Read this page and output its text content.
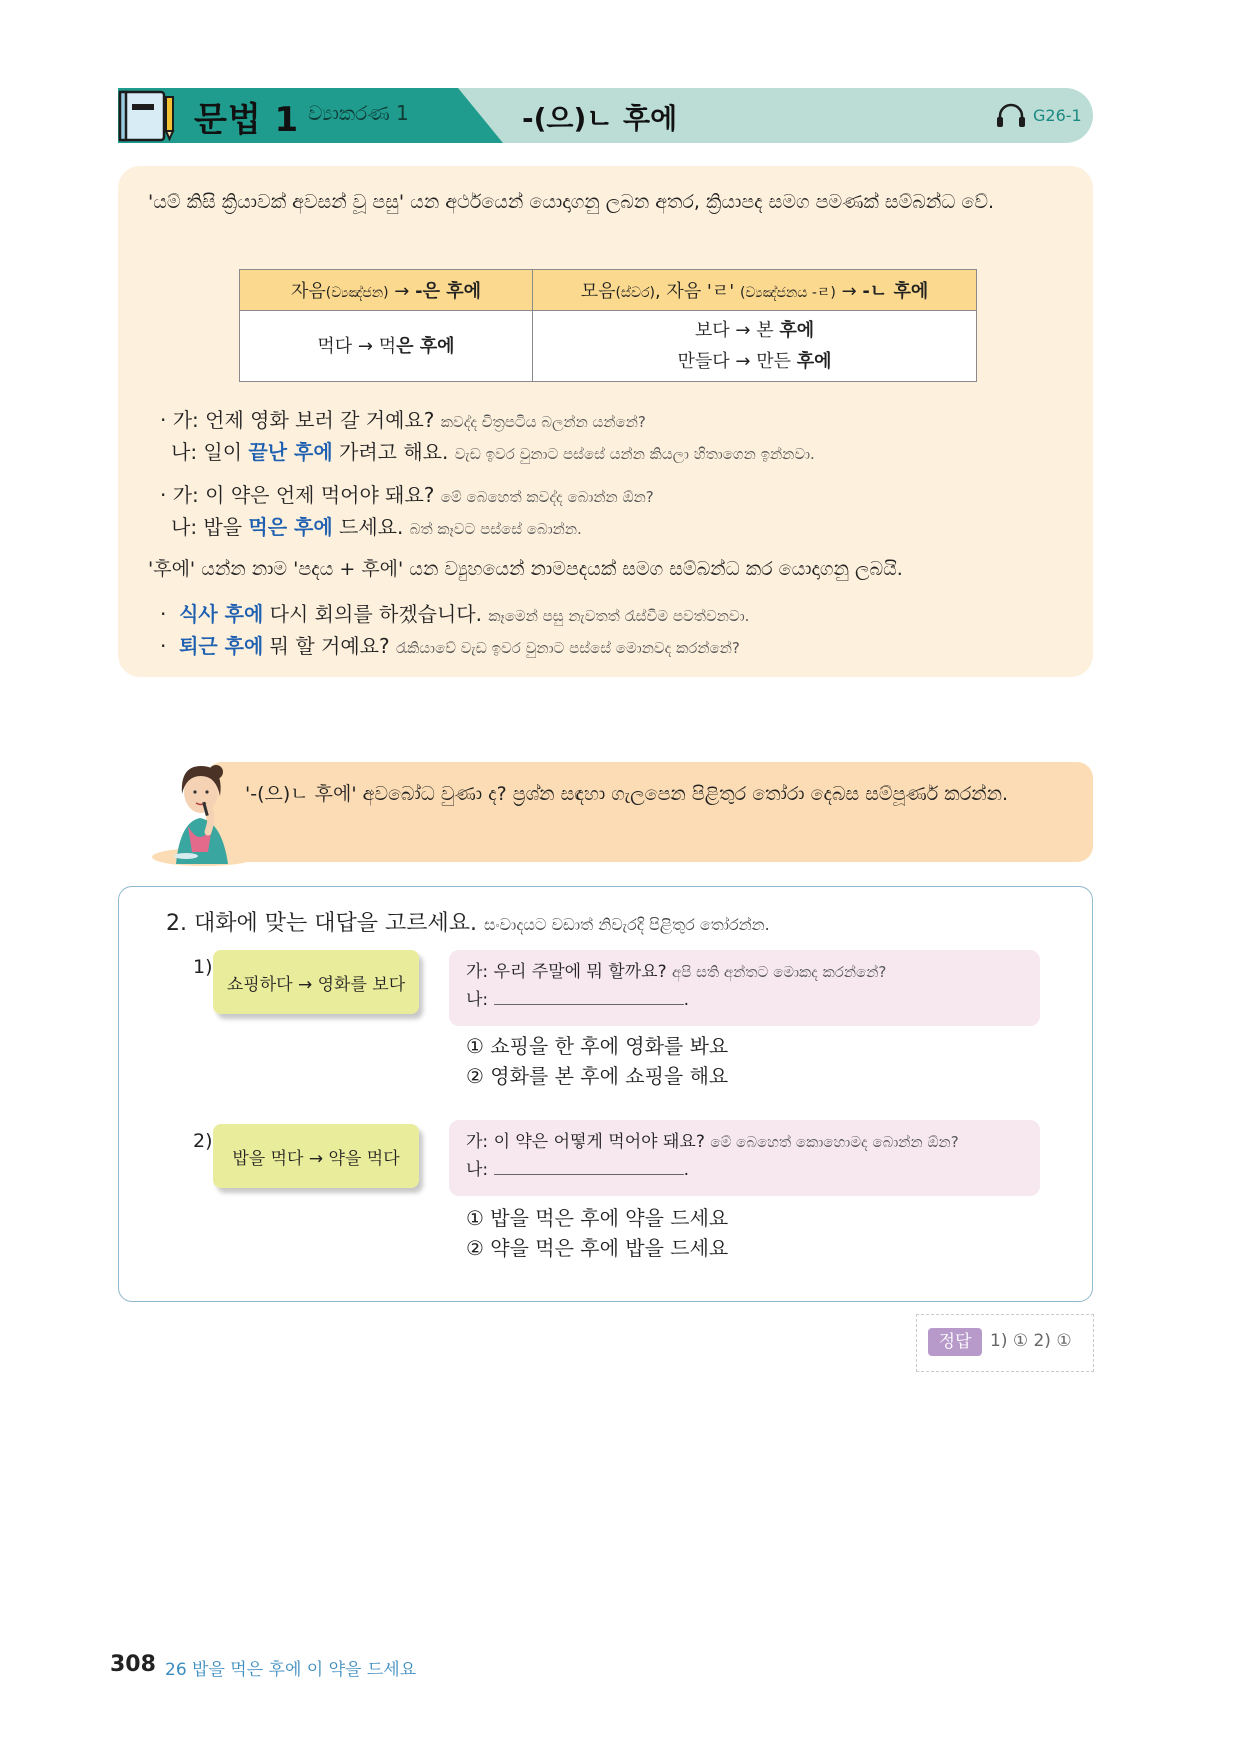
문법 1 ව්‍යාකරණ 1	-(으)ㄴ 후에	G26-1
'යම් කිසි ක්‍රියාවක් අවසන් වූ පසු' යන අර්ථයෙන් යොදාගනු ලබන අතර, ක්‍රියාපද සමග පමණක් සම්බන්ධ වේ.
자음(ව්‍යඤ්ජන) → -은 후에	모음(ස්වර), 자음 'ㄹ' (ව්‍යඤ්ජනය -ㄹ) → -ㄴ 후에
먹다 → 먹은 후에	보다 → 본 후에
만들다 → 만든 후에
· 가: 언제 영화 보러 갈 거예요? කවද්ද චිත්‍රපටිය බලන්න යන්නේ?
나: 일이 끝난 후에 가려고 해요. වැඩ ඉවර වුනාට පස්සේ යන්න කියලා හිතාගෙන ඉන්නවා.
· 가: 이 약은 언제 먹어야 돼요? මේ බෙහෙත් කවද්ද බොන්න ඕන?
나: 밥을 먹은 후에 드세요. බත් කෑවට පස්සේ බොන්න.
'후에' යන්න නාම 'පදය + 후에' යන ව්‍යුහයෙන් නාමපදයක් සමග සම්බන්ධ කර යොදාගනු ලබයි.
·  식사 후에 다시 회의를 하겠습니다. කෑමෙන් පසු නැවතත් රැස්වීම පවත්වනවා.
·  퇴근 후에 뭐 할 거예요? රැකියාවේ වැඩ ඉවර වුනාට පස්සේ මොනවද කරන්නේ?
'-(으)ㄴ 후에' අවබෝධ වුණා ද? ප්‍රශ්න සඳහා ගැලපෙන පිළිතුර තෝරා දෙබස සම්පූර්ණ කරන්න.
2. 대화에 맞는 대답을 고르세요. සංවාදයට වඩාත් නිවැරදි පිළිතුර තෝරන්න.
1)
쇼핑하다 → 영화를 보다
가: 우리 주말에 뭐 할까요? අපි සති අන්තට මොකද කරන්නේ?
나:	.
① 쇼핑을 한 후에 영화를 봐요
② 영화를 본 후에 쇼핑을 해요
2)
밥을 먹다 → 약을 먹다
가: 이 약은 어떻게 먹어야 돼요? මේ බෙහෙත් කොහොමද බොන්න ඕන?
나:	.
① 밥을 먹은 후에 약을 드세요
② 약을 먹은 후에 밥을 드세요
정답	1) ① 2) ①
308 26 밥을 먹은 후에 이 약을 드세요
